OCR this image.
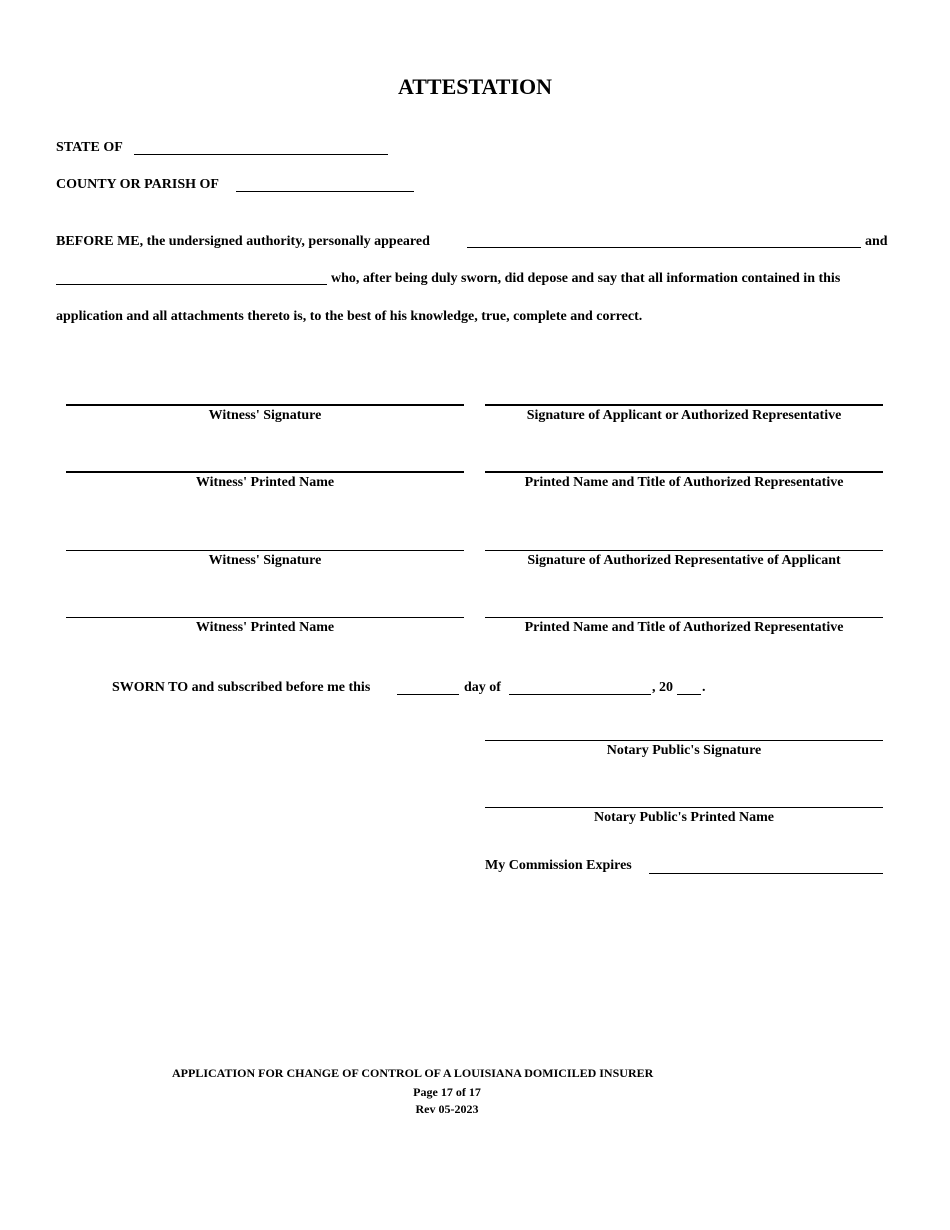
ATTESTATION
STATE OF
COUNTY OR PARISH OF
BEFORE ME, the undersigned authority, personally appeared	and
who, after being duly sworn, did depose and say that all information contained in this
application and all attachments thereto is, to the best of his knowledge, true, complete and correct.
Witness' Signature	Signature of Applicant or Authorized Representative
Witness' Printed Name	Printed Name and Title of Authorized Representative
Witness' Signature	Signature of Authorized Representative of Applicant
Witness' Printed Name	Printed Name and Title of Authorized Representative
SWORN TO and subscribed before me this	day of	, 20 .
Notary Public's Signature
Notary Public's Printed Name
My Commission Expires
APPLICATION FOR CHANGE OF CONTROL OF A LOUISIANA DOMICILED INSURER
Page 17 of 17
Rev 05-2023
